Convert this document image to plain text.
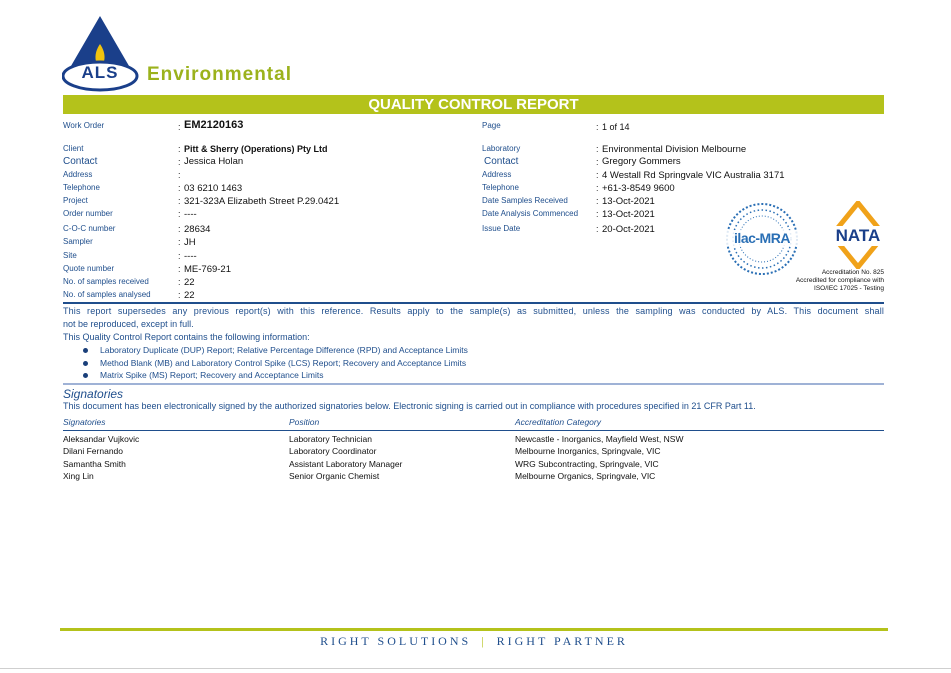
ALS	Environmental
QUALITY CONTROL REPORT
Work Order	: EM2120163
Client	: Pitt & Sherry (Operations) Pty Ltd
Contact	: Jessica Holan
Address	:
Telephone	: 03 6210 1463
Project	: 321-323A Elizabeth Street P.29.0421
Order number	: ----
C-O-C number	: 28634
Sampler	: JH
Site	: ----
Quote number	: ME-769-21
No. of samples received	: 22
No. of samples analysed	: 22
Page	: 1 of 14
Laboratory	: Environmental Division Melbourne
Contact	: Gregory Gommers
Address	: 4 Westall Rd Springvale VIC Australia 3171
Telephone	: +61-3-8549 9600
Date Samples Received	: 13-Oct-2021
Date Analysis Commenced : 13-Oct-2021
Issue Date	: 20-Oct-2021
ilac-MRA	NATA
Accreditation No. 825
Accredited for compliance with
ISO/IEC 17025 - Testing
This report supersedes any previous report(s) with this reference. Results apply to the sample(s) as submitted, unless the sampling was conducted by ALS. This document shall
not be reproduced, except in full.
This Quality Control Report contains the following information:
Laboratory Duplicate (DUP) Report; Relative Percentage Difference (RPD) and Acceptance Limits
Method Blank (MB) and Laboratory Control Spike (LCS) Report; Recovery and Acceptance Limits
Matrix Spike (MS) Report; Recovery and Acceptance Limits
Signatories
This document has been electronically signed by the authorized signatories below. Electronic signing is carried out in compliance with procedures specified in 21 CFR Part 11.
Signatories	Position	Accreditation Category
Aleksandar Vujkovic	Laboratory Technician	Newcastle - Inorganics, Mayfield West, NSW
Dilani Fernando	Laboratory Coordinator	Melbourne Inorganics, Springvale, VIC
Samantha Smith	Assistant Laboratory Manager	WRG Subcontracting, Springvale, VIC
Xing Lin	Senior Organic Chemist	Melbourne Organics, Springvale, VIC
RIGHT SOLUTIONS | RIGHT PARTNER
